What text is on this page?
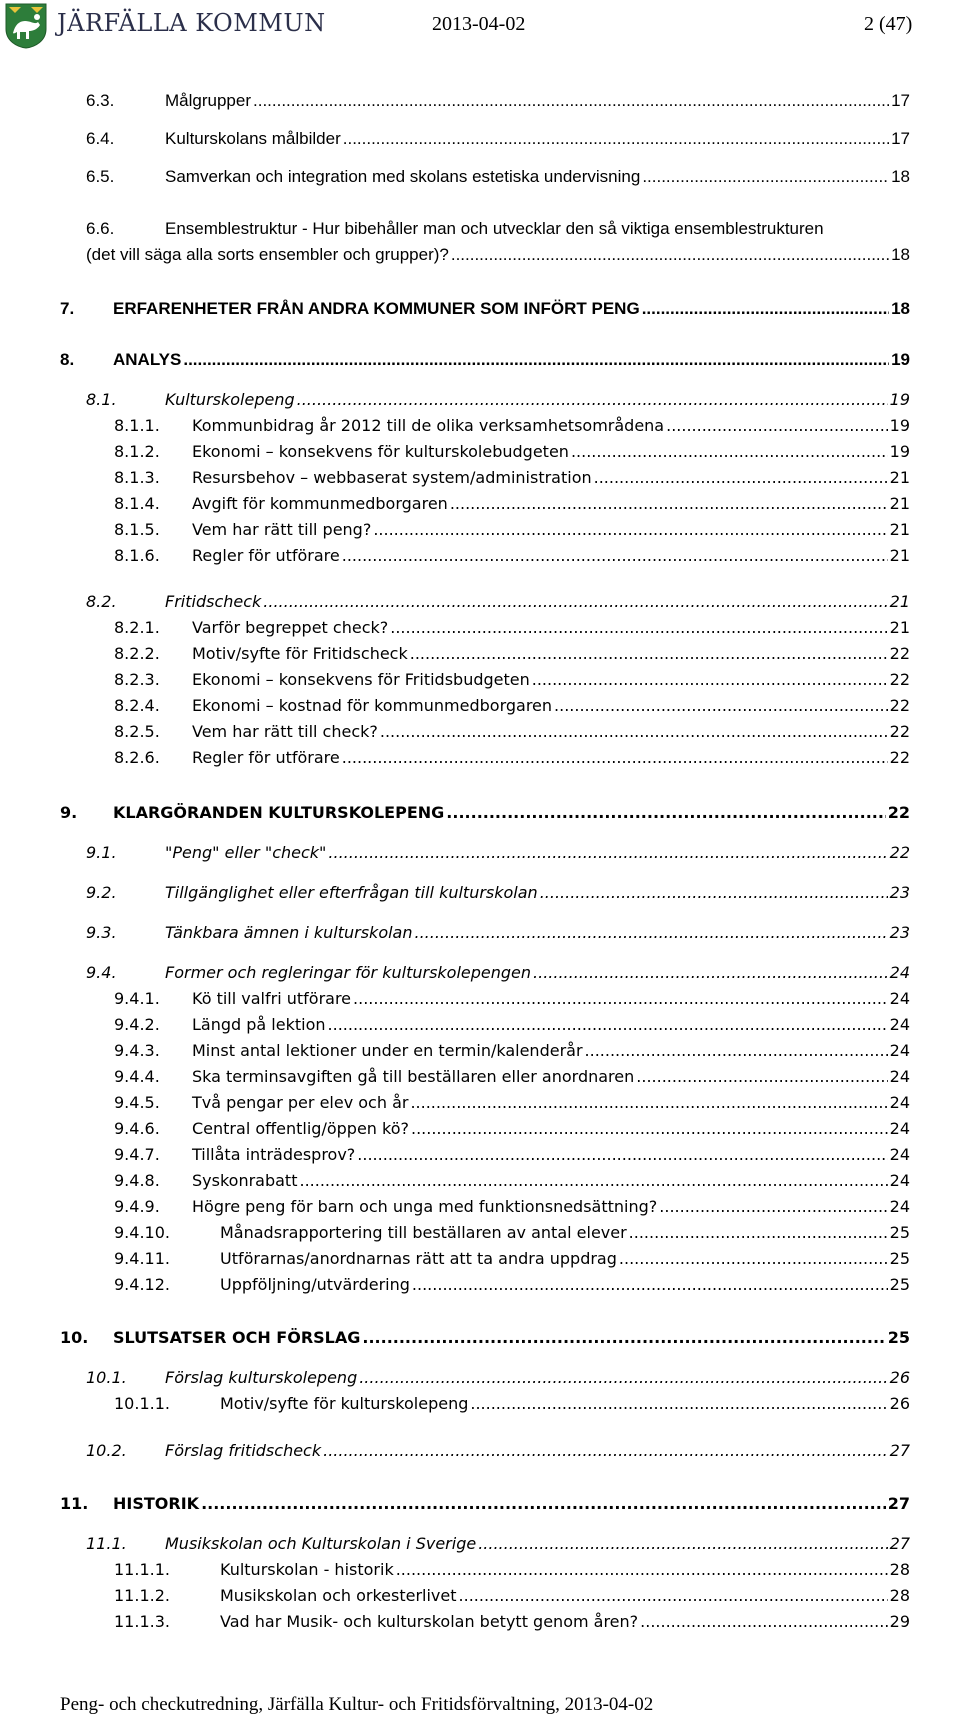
JÄRFÄLLA KOMMUN	2013-04-02	2 (47)
6.3.	Målgrupper .....	17
6.4.	Kulturskolans målbilder .....	17
6.5.	Samverkan och integration med skolans estetiska undervisning .....	18
6.6.	Ensemblestruktur - Hur bibehåller man och utvecklar den så viktiga ensemblestrukturen
(det vill säga alla sorts ensembler och grupper)? .....	18
7. ERFARENHETER FRÅN ANDRA KOMMUNER SOM INFÖRT PENG .....	18
8. ANALYS .....	19
8.1.	Kulturskolepeng .....	19
8.1.1. Kommunbidrag år 2012 till de olika verksamhetsområdena .....	19
8.1.2. Ekonomi – konsekvens för kulturskolebudgeten .....	19
8.1.3. Resursbehov – webbaserat system/administration .....	21
8.1.4. Avgift för kommunmedborgaren .....	21
8.1.5. Vem har rätt till peng? .....	21
8.1.6. Regler för utförare .....	21
8.2.	Fritidscheck .....	21
8.2.1. Varför begreppet check? .....	21
8.2.2. Motiv/syfte för Fritidscheck .....	22
8.2.3. Ekonomi – konsekvens för Fritidsbudgeten .....	22
8.2.4. Ekonomi – kostnad för kommunmedborgaren .....	22
8.2.5. Vem har rätt till check? .....	22
8.2.6. Regler för utförare .....	22
9. KLARGÖRANDEN KULTURSKOLEPENG .....	22
9.1.	"Peng" eller "check" .....	22
9.2.	Tillgänglighet eller efterfrågan till kulturskolan .....	23
9.3.	Tänkbara ämnen i kulturskolan .....	23
9.4.	Former och regleringar för kulturskolepengen .....	24
9.4.1. Kö till valfri utförare .....	24
9.4.2. Längd på lektion .....	24
9.4.3. Minst antal lektioner under en termin/kalenderår .....	24
9.4.4. Ska terminsavgiften gå till beställaren eller anordnaren .....	24
9.4.5. Två pengar per elev och år .....	24
9.4.6. Central offentlig/öppen kö? .....	24
9.4.7. Tillåta inträdesprov? .....	24
9.4.8. Syskonrabatt .....	24
9.4.9. Högre peng för barn och unga med funktionsnedsättning? .....	24
9.4.10.	Månadsrapportering till beställaren av antal elever .....	25
9.4.11.	Utförarnas/anordnarnas rätt att ta andra uppdrag .....	25
9.4.12.	Uppföljning/utvärdering .....	25
10. SLUTSATSER OCH FÖRSLAG .....	25
10.1. Förslag kulturskolepeng .....	26
10.1.1.	Motiv/syfte för kulturskolepeng .....	26
10.2. Förslag fritidscheck .....	27
11. HISTORIK .....	27
11.1. Musikskolan och Kulturskolan i Sverige .....	27
11.1.1.	Kulturskolan - historik .....	28
11.1.2.	Musikskolan och orkesterlivet .....	28
11.1.3.	Vad har Musik- och kulturskolan betytt genom åren? .....	29
Peng- och checkutredning, Järfälla Kultur- och Fritidsförvaltning, 2013-04-02
